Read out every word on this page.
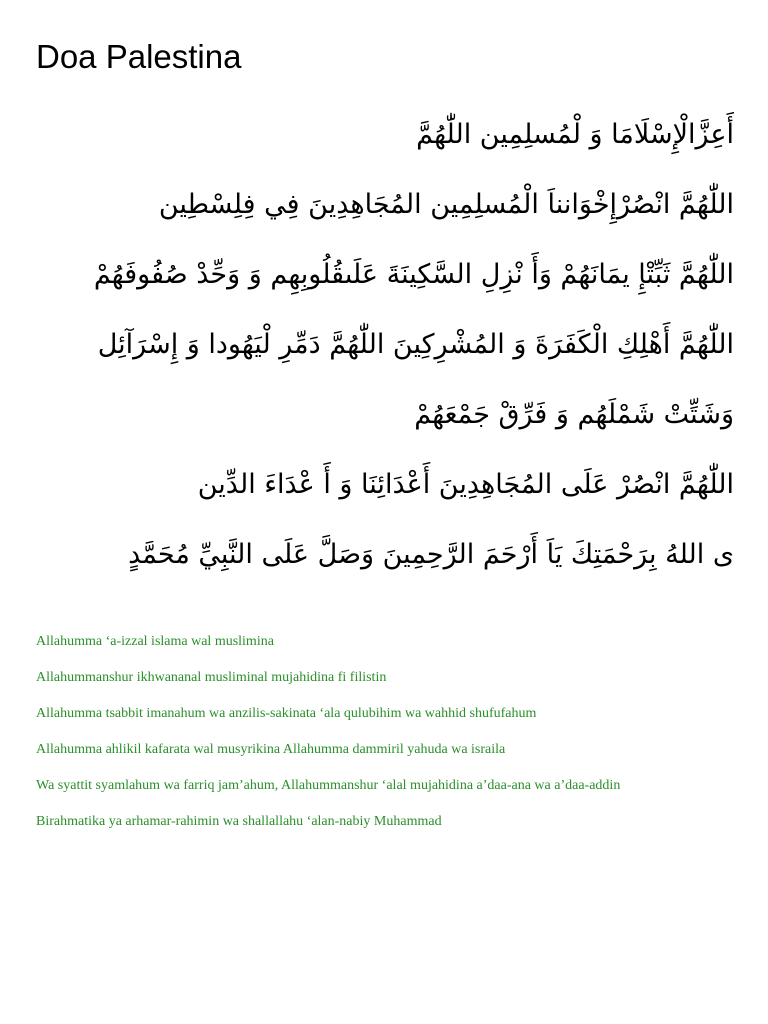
Doa Palestina
أَعِزَّالْإِسْلَامَا وَ لْمُسلِمِين اللّٰهُمَّ
اللّٰهُمَّ انْصُرْإِخْوَانناَ الْمُسلِمِين المُجَاهِدِينَ فِي فِلِسْطِين
اللّٰهُمَّ ثَبِّتْإِ يمَانَهُمْ وَأَ نْزِلِ السَّكِينَةَ عَلَىقُلُوبِهِم وَ وَحِّدْ صُفُوفَهُمْ
اللّٰهُمَّ أَهْلِكِ الْكَفَرَةَ وَ المُشْرِكِينَ اللّٰهُمَّ دَمِّرِ لْيَهُودا وَ إِسْرَآئِل
وَشَتِّتْ شَمْلَهُم وَ فَرِّقْ جَمْعَهُمْ
اللّٰهُمَّ انْصُرْ عَلَى المُجَاهِدِينَ أَعْدَائِنَا وَ أَ عْدَاءَ الدِّين
ى اللهُ بِرَحْمَتِكَ يَاَ أَرْحَمَ الرَّحِمِينَ وَصَلَّ عَلَى النَّبِيِّ مُحَمَّدٍ
Allahumma ‘a-izzal islama wal muslimina
Allahummanshur ikhwananal musliminal mujahidina fi filistin
Allahumma tsabbit imanahum wa anzilis-sakinata ‘ala qulubihim wa wahhid shufufahum
Allahumma ahlikil kafarata wal musyrikina Allahumma dammiril yahuda wa israila
Wa syattit syamlahum wa farriq jam’ahum, Allahummanshur ‘alal mujahidina a’daa-ana wa a’daa-addin
Birahmatika ya arhamar-rahimin wa shallallahu ‘alan-nabiy Muhammad
